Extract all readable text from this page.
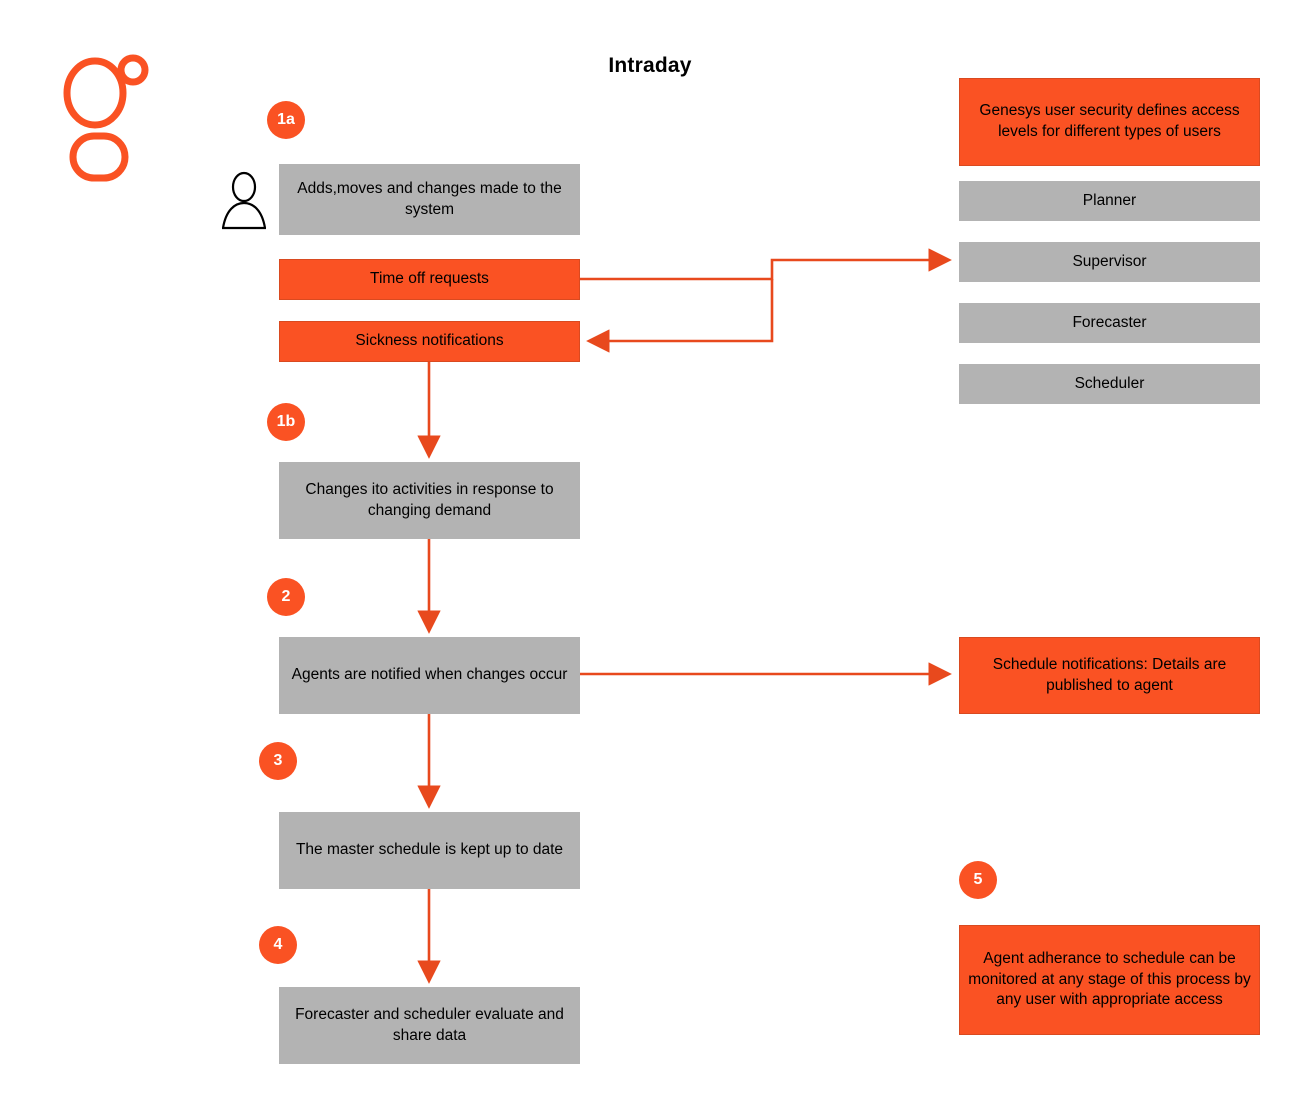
Intraday
1a
1b
2
3
4
5
Adds,moves and changes made to the system
Time off requests
Sickness notifications
Changes ito activities in response to changing demand
Agents are notified when changes occur
The master schedule is kept up to date
Forecaster and scheduler evaluate and share data
Genesys user security defines access levels for different types of users
Planner
Supervisor
Forecaster
Scheduler
Schedule notifications: Details are published to agent
Agent adherance to schedule can be monitored at any stage of this process by any user with appropriate access
